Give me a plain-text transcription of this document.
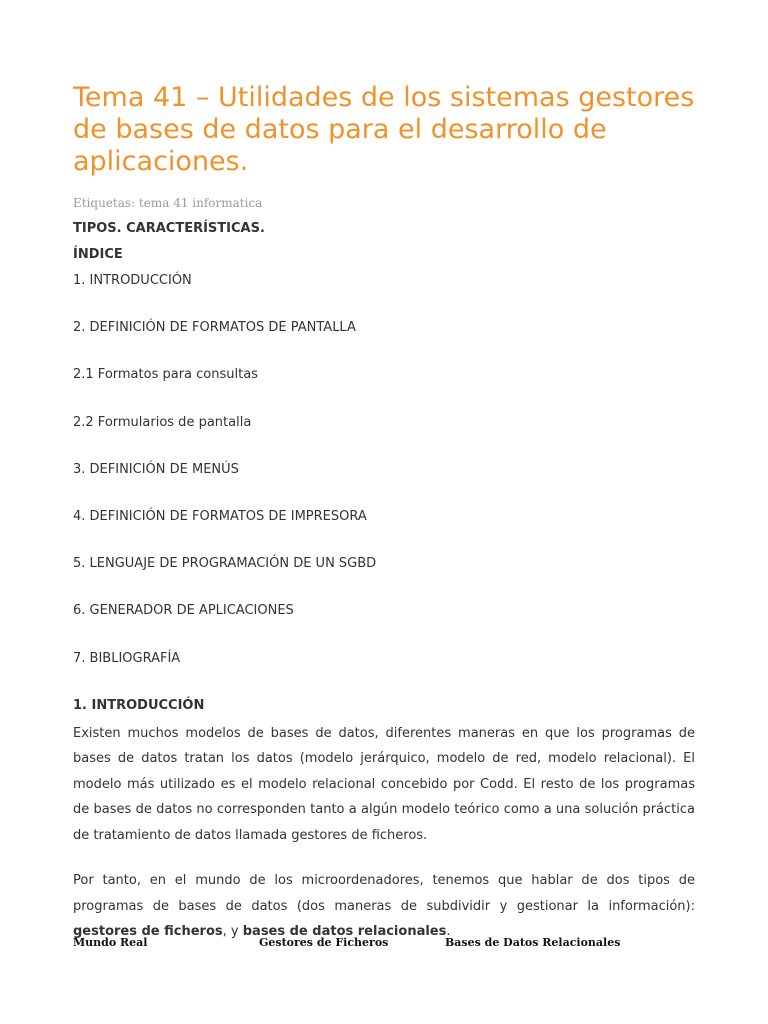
Tema 41 – Utilidades de los sistemas gestores de bases de datos para el desarrollo de aplicaciones.
Etiquetas: tema 41 informatica
TIPOS. CARACTERÍSTICAS.
ÍNDICE
1. INTRODUCCIÓN
2. DEFINICIÓN DE FORMATOS DE PANTALLA
2.1 Formatos para consultas
2.2 Formularios de pantalla
3. DEFINICIÓN DE MENÚS
4. DEFINICIÓN DE FORMATOS DE IMPRESORA
5. LENGUAJE DE PROGRAMACIÓN DE UN SGBD
6. GENERADOR DE APLICACIONES
7. BIBLIOGRAFÍA
1. INTRODUCCIÓN

Existen muchos modelos de bases de datos, diferentes maneras en que los programas de bases de datos tratan los datos (modelo jerárquico, modelo de red, modelo relacional). El modelo más utilizado es el modelo relacional concebido por Codd. El resto de los programas de bases de datos no corresponden tanto a algún modelo teórico como a una solución práctica de tratamiento de datos llamada gestores de ficheros.

Por tanto, en el mundo de los microordenadores, tenemos que hablar de dos tipos de programas de bases de datos (dos maneras de subdividir y gestionar la información): gestores de ficheros, y bases de datos relacionales.

Mundo Real	Gestores de Ficheros	Bases de Datos Relacionales
